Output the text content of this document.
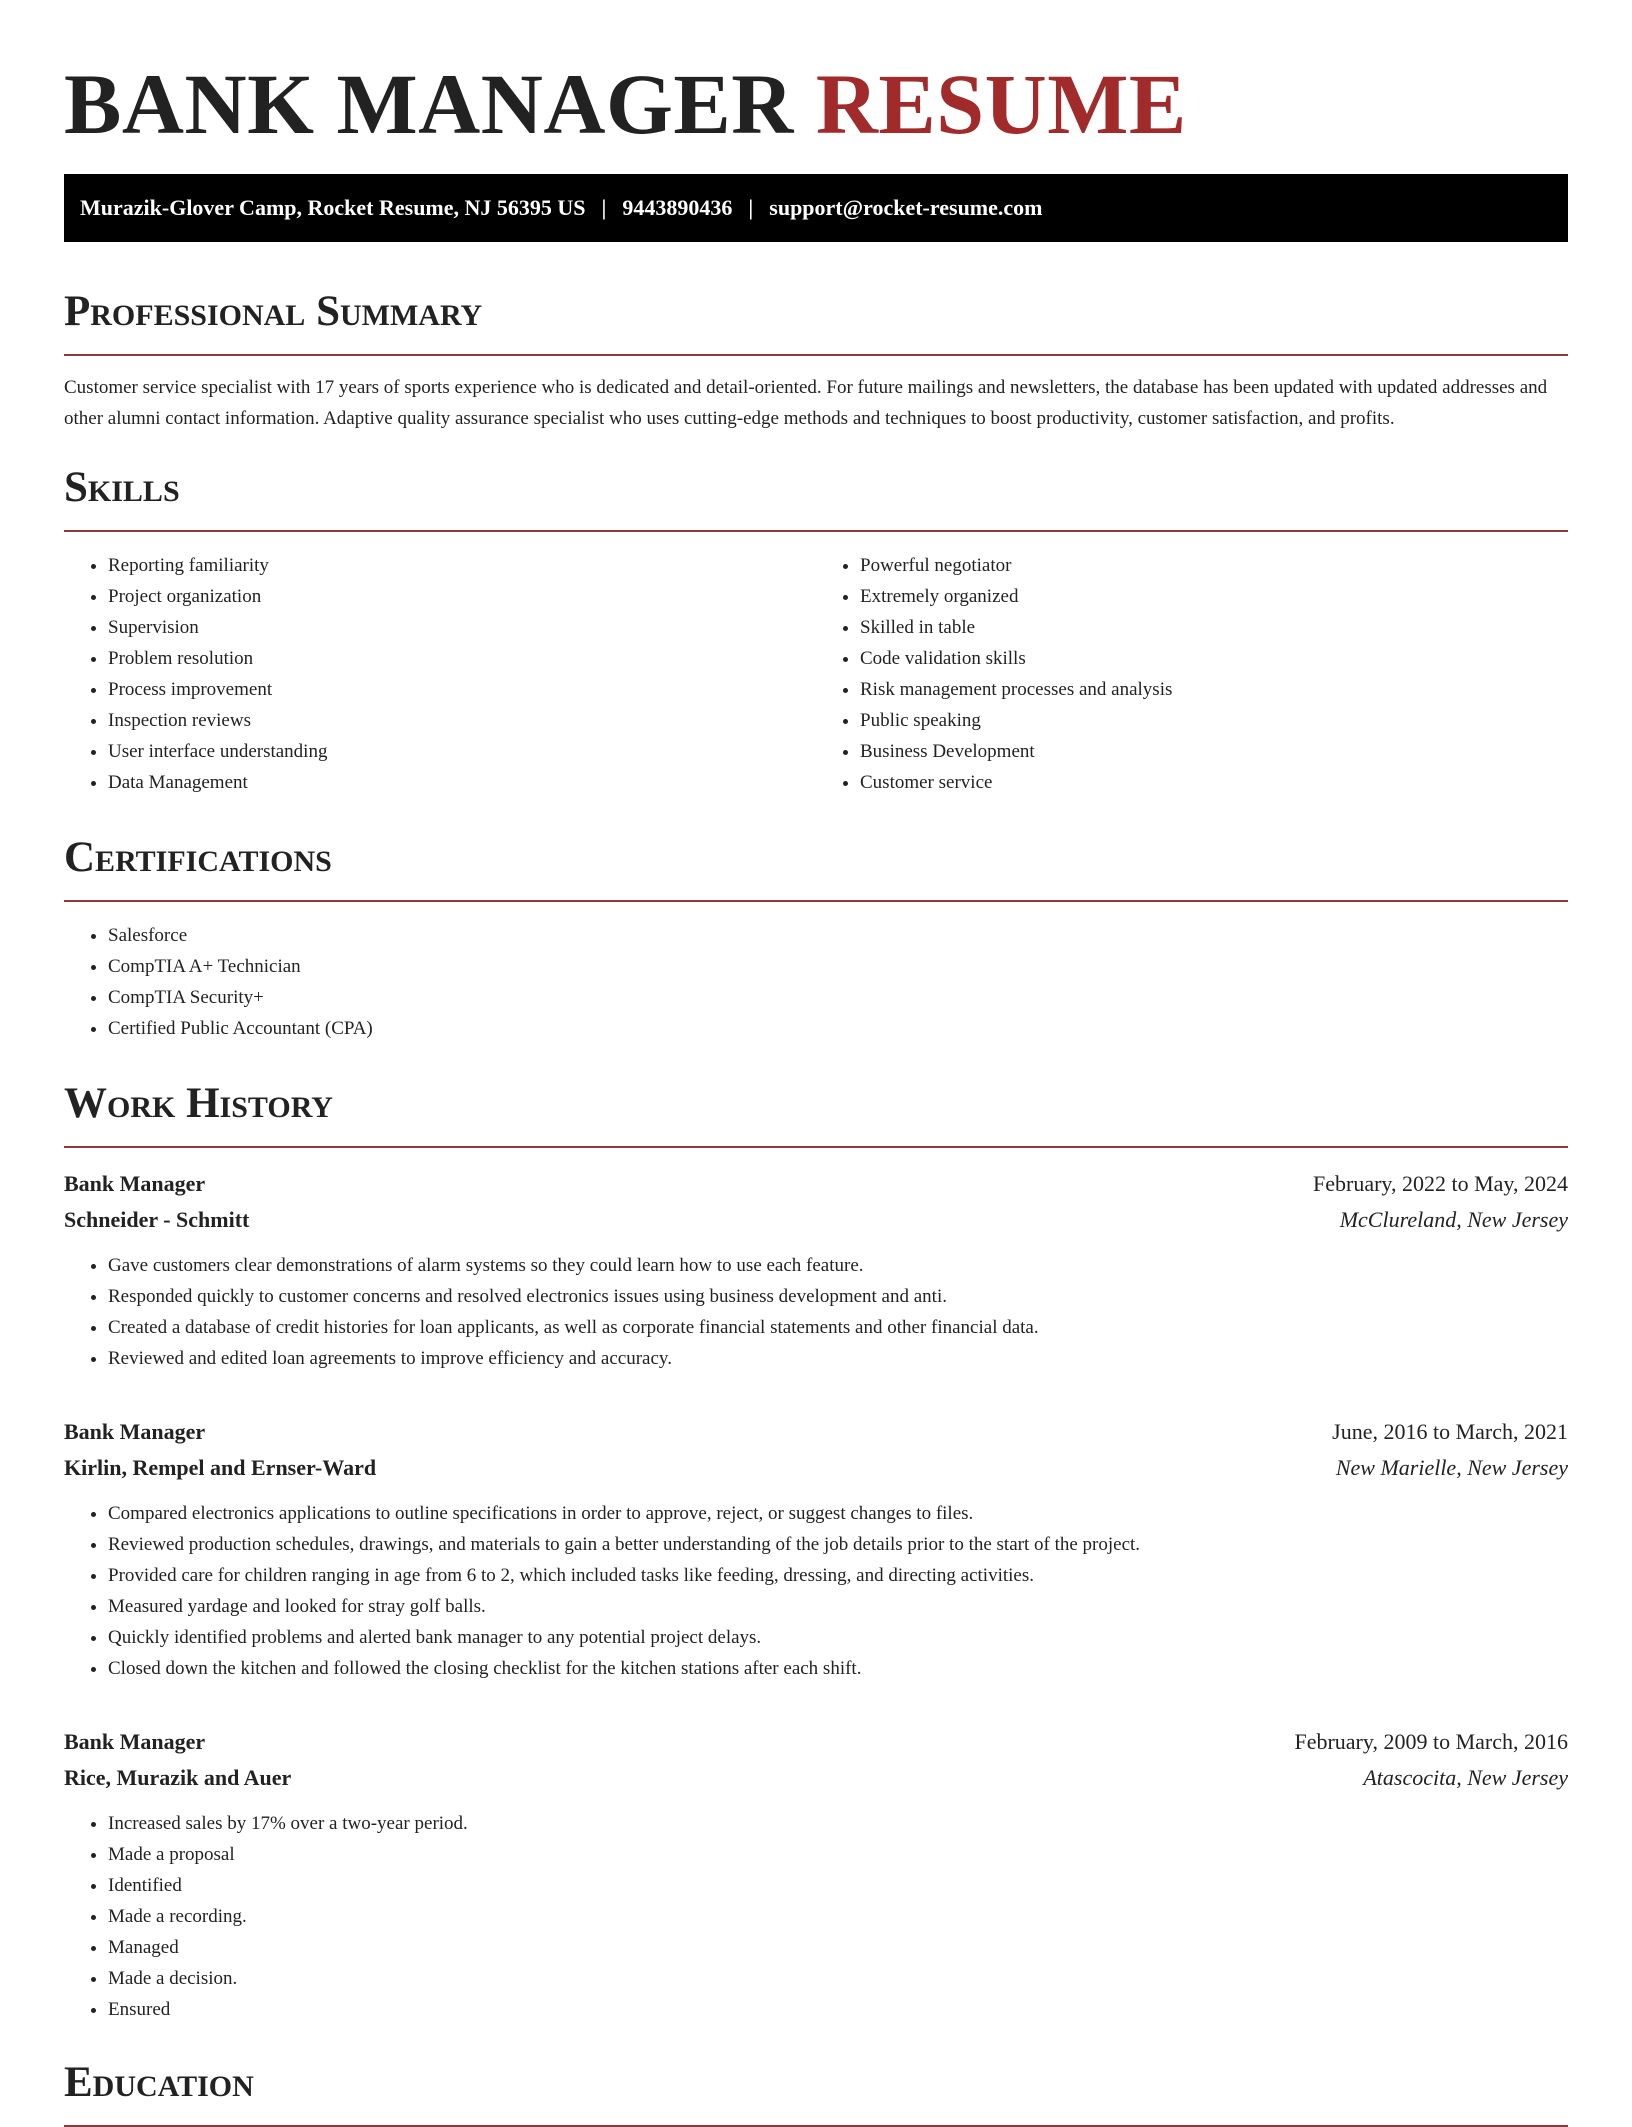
BANK MANAGER RESUME
Murazik-Glover Camp, Rocket Resume, NJ 56395 US | 9443890436 | support@rocket-resume.com
Professional Summary

Customer service specialist with 17 years of sports experience who is dedicated and detail-oriented. For future mailings and newsletters, the database has been updated with updated addresses and other alumni contact information. Adaptive quality assurance specialist who uses cutting-edge methods and techniques to boost productivity, customer satisfaction, and profits.

Skills
• Reporting familiarity
• Project organization
• Supervision
• Problem resolution
• Process improvement
• Inspection reviews
• User interface understanding
• Data Management
• Powerful negotiator
• Extremely organized
• Skilled in table
• Code validation skills
• Risk management processes and analysis
• Public speaking
• Business Development
• Customer service
Certifications
• Salesforce
• CompTIA A+ Technician
• CompTIA Security+
• Certified Public Accountant (CPA)
Work History
Bank Manager	February, 2022 to May, 2024
Schneider - Schmitt	McClureland, New Jersey
• Gave customers clear demonstrations of alarm systems so they could learn how to use each feature.
• Responded quickly to customer concerns and resolved electronics issues using business development and anti.
• Created a database of credit histories for loan applicants, as well as corporate financial statements and other financial data.
• Reviewed and edited loan agreements to improve efficiency and accuracy.
Bank Manager	June, 2016 to March, 2021
Kirlin, Rempel and Ernser-Ward	New Marielle, New Jersey
• Compared electronics applications to outline specifications in order to approve, reject, or suggest changes to files.
• Reviewed production schedules, drawings, and materials to gain a better understanding of the job details prior to the start of the project.
• Provided care for children ranging in age from 6 to 2, which included tasks like feeding, dressing, and directing activities.
• Measured yardage and looked for stray golf balls.
• Quickly identified problems and alerted bank manager to any potential project delays.
• Closed down the kitchen and followed the closing checklist for the kitchen stations after each shift.
Bank Manager	February, 2009 to March, 2016
Rice, Murazik and Auer	Atascocita, New Jersey
• Increased sales by 17% over a two-year period.
• Made a proposal
• Identified
• Made a recording.
• Managed
• Made a decision.
• Ensured
Education
